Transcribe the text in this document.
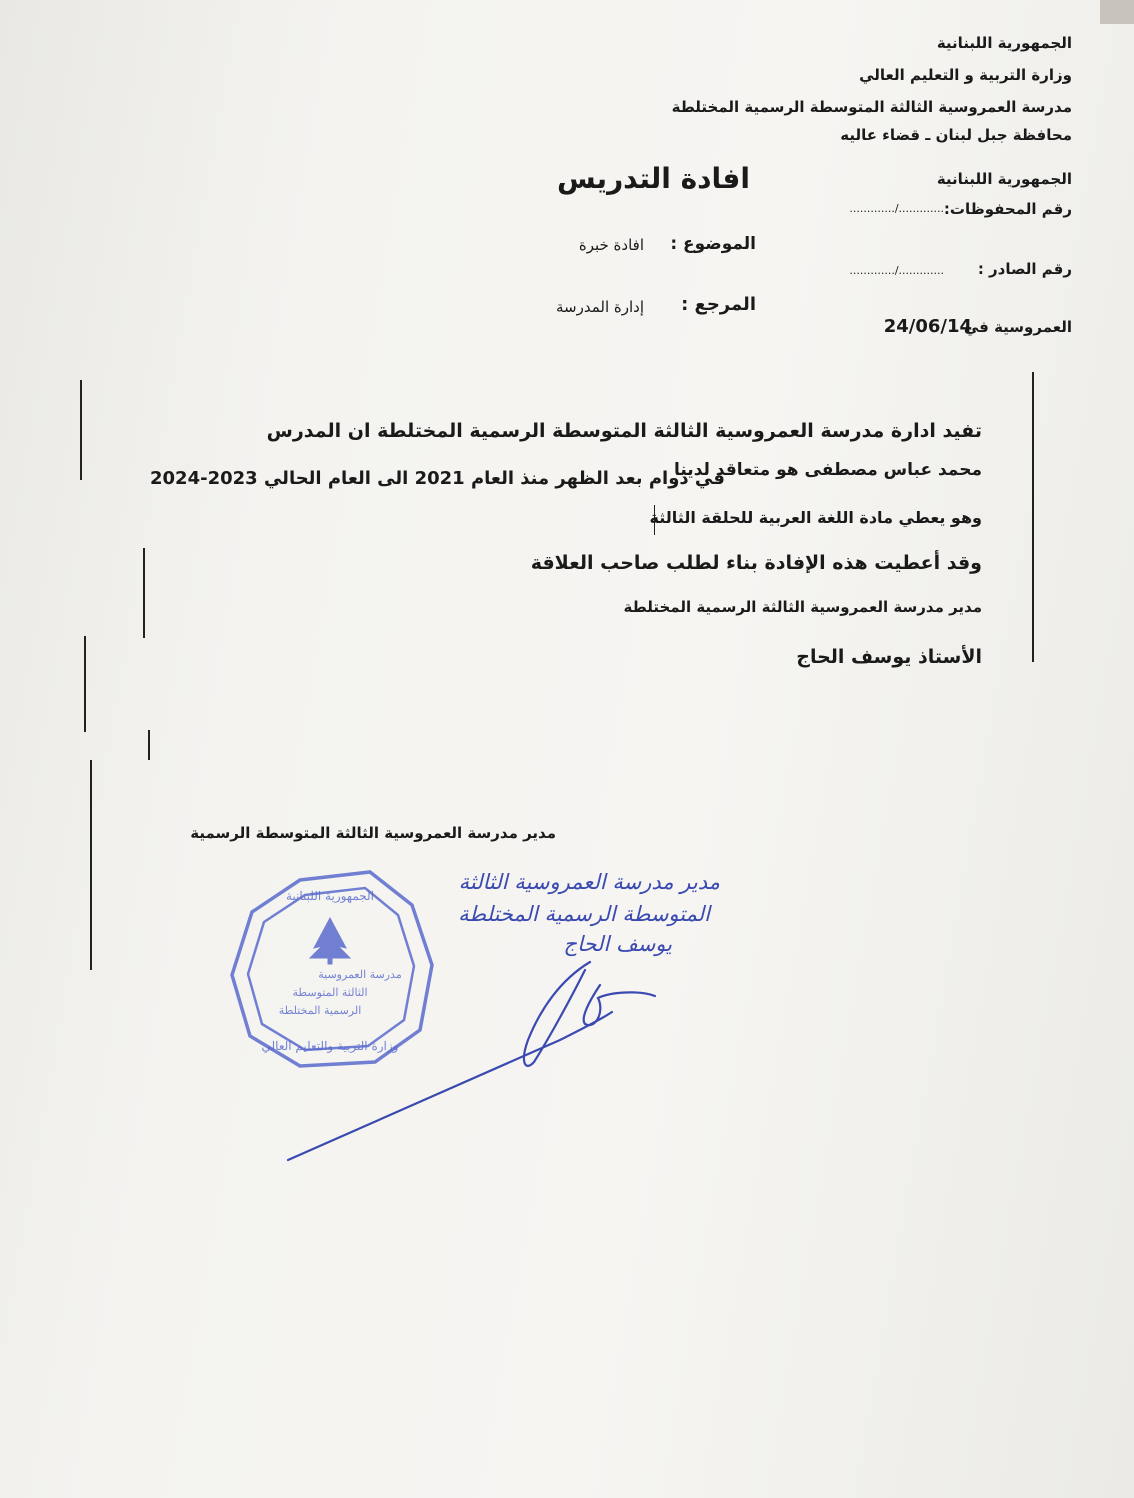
الجمهورية اللبنانية
وزارة التربية و التعليم العالي
مدرسة العمروسية الثالثة المتوسطة الرسمية المختلطة
محافظة جبل لبنان ـ قضاء عاليه
افادة التدريس	الجمهورية اللبنانية
رقم المحفوظات:
............./.............
رقم الصادر :
............./.............
العمروسية في
24/06/14
الموضوع :
افادة خبرة
المرجع :
إدارة المدرسة
تفيد ادارة مدرسة العمروسية الثالثة المتوسطة الرسمية المختلطة ان المدرس
محمد عباس مصطفى هو متعاقد لدينا
في دوام بعد الظهر منذ العام 2021 الى العام الحالي 2023-2024
وهو يعطي مادة اللغة العربية للحلقة الثالثة
وقد أعطيت هذه الإفادة بناء لطلب صاحب العلاقة
مدير مدرسة العمروسية الثالثة الرسمية المختلطة
الأستاذ يوسف الحاج
مدير مدرسة العمروسية الثالثة المتوسطة الرسمية
مدير مدرسة العمروسية الثالثة
المتوسطة الرسمية المختلطة
يوسف الحاج
مدرسة العمروسية
الثالثة المتوسطة
الرسمية المختلطة
الجمهورية اللبنانية
وزارة التربية والتعليم العالي
